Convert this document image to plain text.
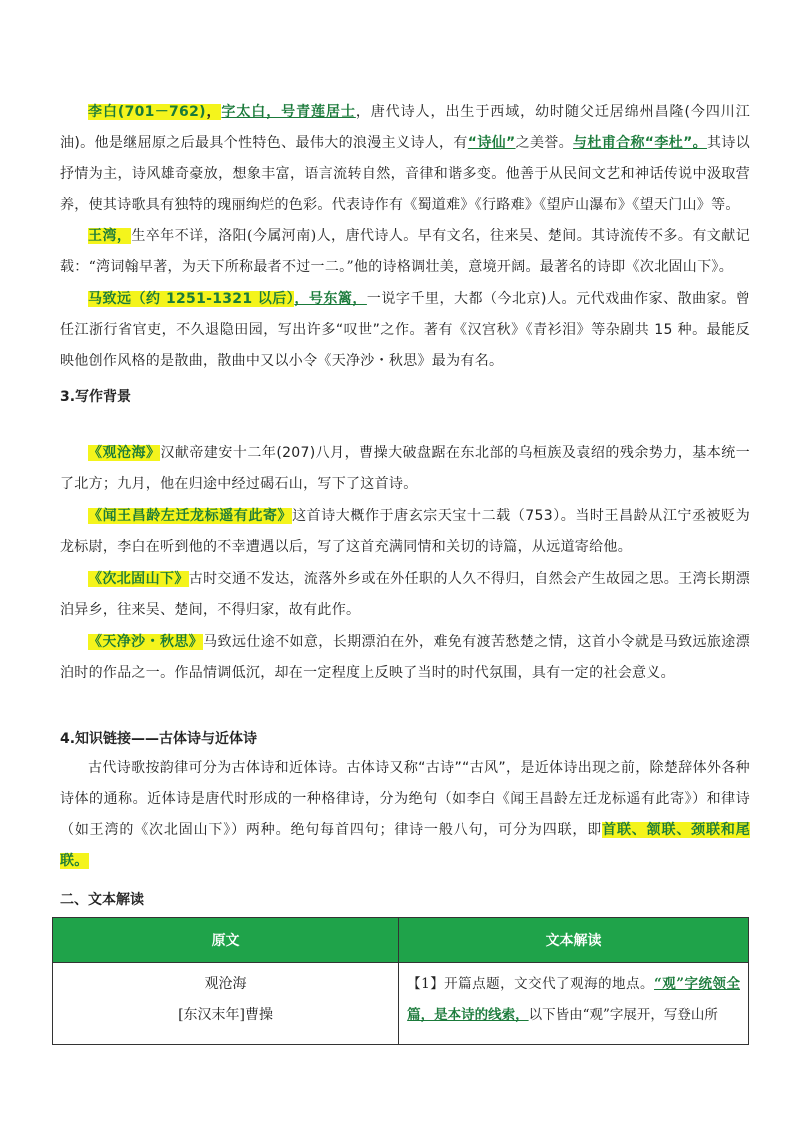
李白(701－762)，字太白，号青莲居士，唐代诗人，出生于西域，幼时随父迁居绵州昌隆(今四川江油)。他是继屈原之后最具个性特色、最伟大的浪漫主义诗人，有“诗仙”之美誉。与杜甫合称“李杜”。其诗以抒情为主，诗风雄奇豪放，想象丰富，语言流转自然，音律和谐多变。他善于从民间文艺和神话传说中汲取营养，使其诗歌具有独特的瑰丽绚烂的色彩。代表诗作有《蜀道难》《行路难》《望庐山瀑布》《望天门山》等。
王湾，生卒年不详，洛阳(今属河南)人，唐代诗人。早有文名，往来吴、楚间。其诗流传不多。有文献记载：“湾词翰早著，为天下所称最者不过一二。”他的诗格调壮美，意境开阔。最著名的诗即《次北固山下》。
马致远（约 1251-1321 以后），号东篱，一说字千里，大都（今北京)人。元代戏曲作家、散曲家。曾任江浙行省官吏，不久退隐田园，写出许多“叹世”之作。著有《汉宫秋》《青衫泪》等杂剧共 15 种。最能反映他创作风格的是散曲，散曲中又以小令《天净沙・秋思》最为有名。
3.写作背景
《观沧海》汉献帝建安十二年(207)八月，曹操大破盘踞在东北部的乌桓族及袁绍的残余势力，基本统一了北方；九月，他在归途中经过碣石山，写下了这首诗。
《闻王昌龄左迁龙标遥有此寄》这首诗大概作于唐玄宗天宝十二载（753）。当时王昌龄从江宁丞被贬为龙标尉，李白在听到他的不幸遭遇以后，写了这首充满同情和关切的诗篇，从远道寄给他。
《次北固山下》古时交通不发达，流落外乡或在外任职的人久不得归，自然会产生故园之思。王湾长期漂泊异乡，往来吴、楚间，不得归家，故有此作。
《天净沙・秋思》马致远仕途不如意，长期漂泊在外，难免有渡苦愁楚之情，这首小令就是马致远旅途漂泊时的作品之一。作品情调低沉，却在一定程度上反映了当时的时代氛围，具有一定的社会意义。
4.知识链接——古体诗与近体诗
古代诗歌按韵律可分为古体诗和近体诗。古体诗又称“古诗”“古风”，是近体诗出现之前，除楚辞体外各种诗体的通称。近体诗是唐代时形成的一种格律诗，分为绝句（如李白《闻王昌龄左迁龙标遥有此寄》）和律诗（如王湾的《次北固山下》）两种。绝句每首四句；律诗一般八句，可分为四联，即首联、颔联、颈联和尾联。
二、文本解读
原文	文本解读

观沧海
[东汉末年]曹操	【1】开篇点题，文交代了观海的地点。“观”字统领全篇，是本诗的线索，以下皆由“观”字展开，写登山所
